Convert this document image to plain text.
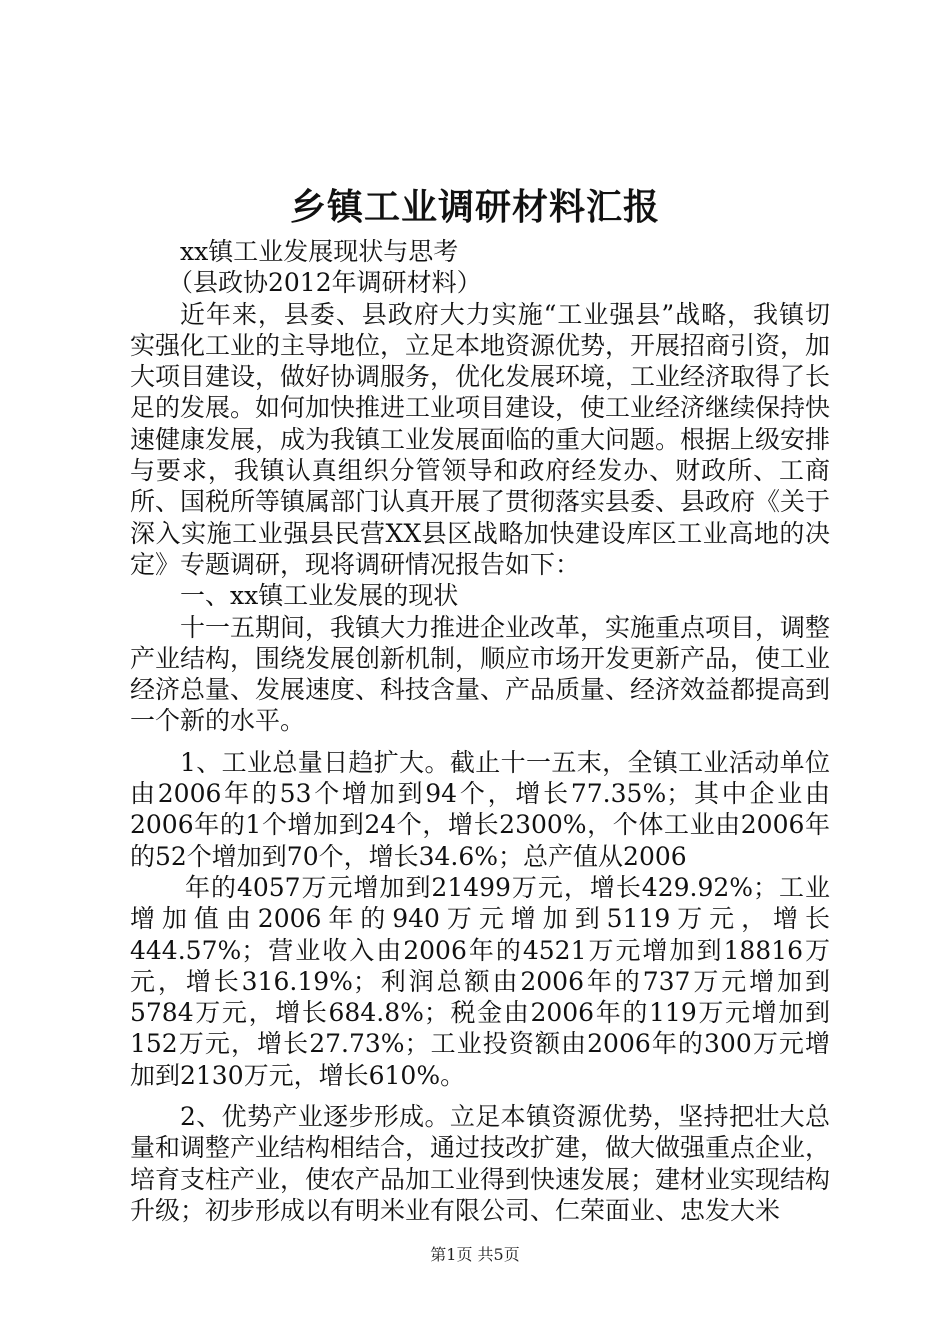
乡镇工业调研材料汇报

xx镇工业发展现状与思考

（县政协2012年调研材料）

近年来，县委、县政府大力实施“工业强县”战略，我镇切实强化工业的主导地位，立足本地资源优势，开展招商引资，加大项目建设，做好协调服务，优化发展环境，工业经济取得了长足的发展。如何加快推进工业项目建设，使工业经济继续保持快速健康发展，成为我镇工业发展面临的重大问题。根据上级安排与要求，我镇认真组织分管领导和政府经发办、财政所、工商所、国税所等镇属部门认真开展了贯彻落实县委、县政府《关于深入实施工业强县民营XX县区战略加快建设库区工业高地的决定》专题调研，现将调研情况报告如下：

一、xx镇工业发展的现状

十一五期间，我镇大力推进企业改革，实施重点项目，调整产业结构，围绕发展创新机制，顺应市场开发更新产品，使工业经济总量、发展速度、科技含量、产品质量、经济效益都提高到一个新的水平。

1、工业总量日趋扩大。截止十一五末，全镇工业活动单位由2006年的53个增加到94个，增长77.35%；其中企业由2006年的1个增加到24个，增长2300%，个体工业由2006年的52个增加到70个，增长34.6%；总产值从2006

年的4057万元增加到21499万元，增长429.92%；工业增加值由2006年的940万元增加到5119万元，增长444.57%；营业收入由2006年的4521万元增加到18816万元，增长316.19%；利润总额由2006年的737万元增加到5784万元，增长684.8%；税金由2006年的119万元增加到152万元，增长27.73%；工业投资额由2006年的300万元增加到2130万元，增长610%。

2、优势产业逐步形成。立足本镇资源优势，坚持把壮大总量和调整产业结构相结合，通过技改扩建，做大做强重点企业，培育支柱产业，使农产品加工业得到快速发展；建材业实现结构升级；初步形成以有明米业有限公司、仁荣面业、忠发大米

第1页 共5页
